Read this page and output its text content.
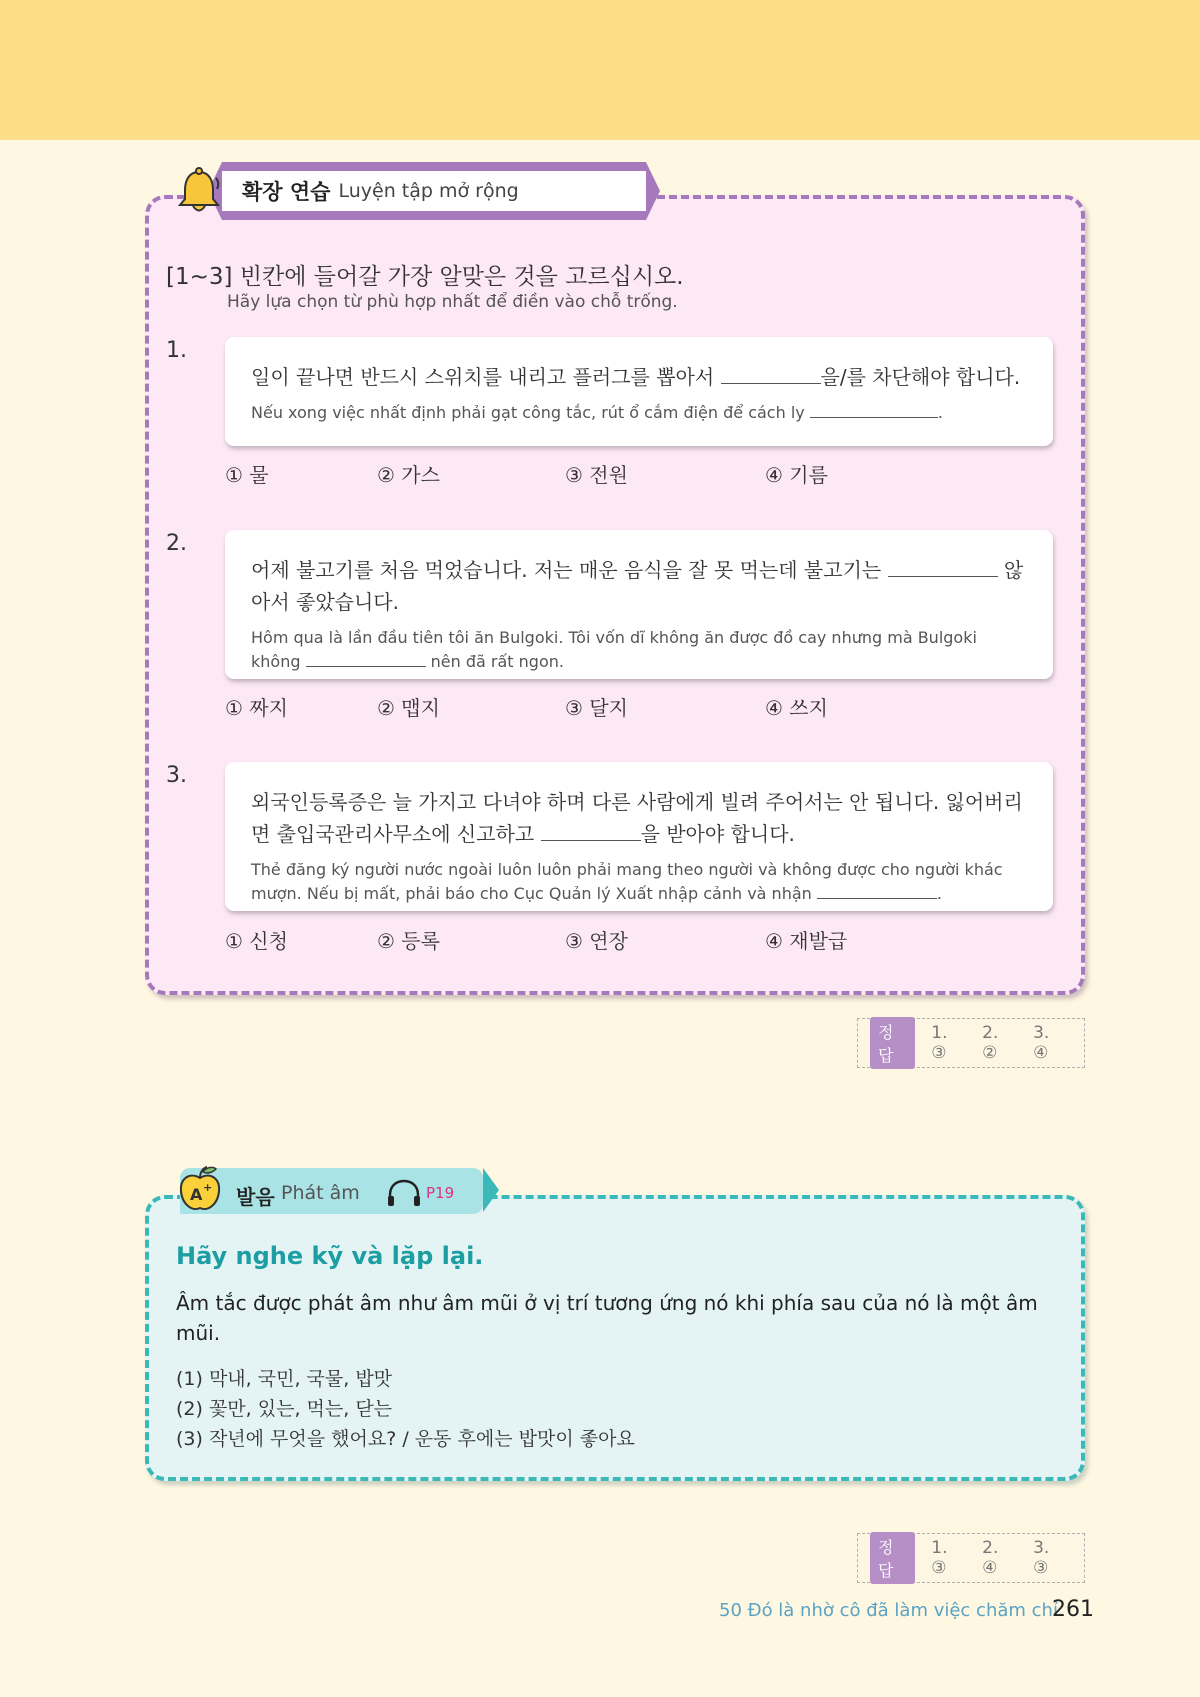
확장 연습 Luyện tập mở rộng
[1~3] 빈칸에 들어갈 가장 알맞은 것을 고르십시오.
Hãy lựa chọn từ phù hợp nhất để điền vào chỗ trống.
1.
일이 끝나면 반드시 스위치를 내리고 플러그를 뽑아서	을/를 차단해야 합니다.
Nếu xong việc nhất định phải gạt công tắc, rút ổ cắm điện để cách ly	.
① 물	② 가스	③ 전원	④ 기름
2.
어제 불고기를 처음 먹었습니다. 저는 매운 음식을 잘 못 먹는데 불고기는	않아서 좋았습니다.
Hôm qua là lần đầu tiên tôi ăn Bulgoki. Tôi vốn dĩ không ăn được đồ cay nhưng mà Bulgoki không	nên đã rất ngon.
① 짜지	② 맵지	③ 달지	④ 쓰지
3.
외국인등록증은 늘 가지고 다녀야 하며 다른 사람에게 빌려 주어서는 안 됩니다. 잃어버리면 출입국관리사무소에 신고하고	을 받아야 합니다.
Thẻ đăng ký người nước ngoài luôn luôn phải mang theo người và không được cho người khác mượn. Nếu bị mất, phải báo cho Cục Quản lý Xuất nhập cảnh và nhận	.
① 신청	② 등록	③ 연장	④ 재발급
정답
1. ③
2. ②
3. ④
A + 발음 Phát âm	P19
Hãy nghe kỹ và lặp lại.
Âm tắc được phát âm như âm mũi ở vị trí tương ứng nó khi phía sau của nó là một âm mũi.
(1) 막내, 국민, 국물, 밥맛
(2) 꽃만, 있는, 먹는, 닫는
(3) 작년에 무엇을 했어요? / 운동 후에는 밥맛이 좋아요
정답
1. ③
2. ④
3. ③
50 Đó là nhờ cô đã làm việc chăm chỉ.
261
